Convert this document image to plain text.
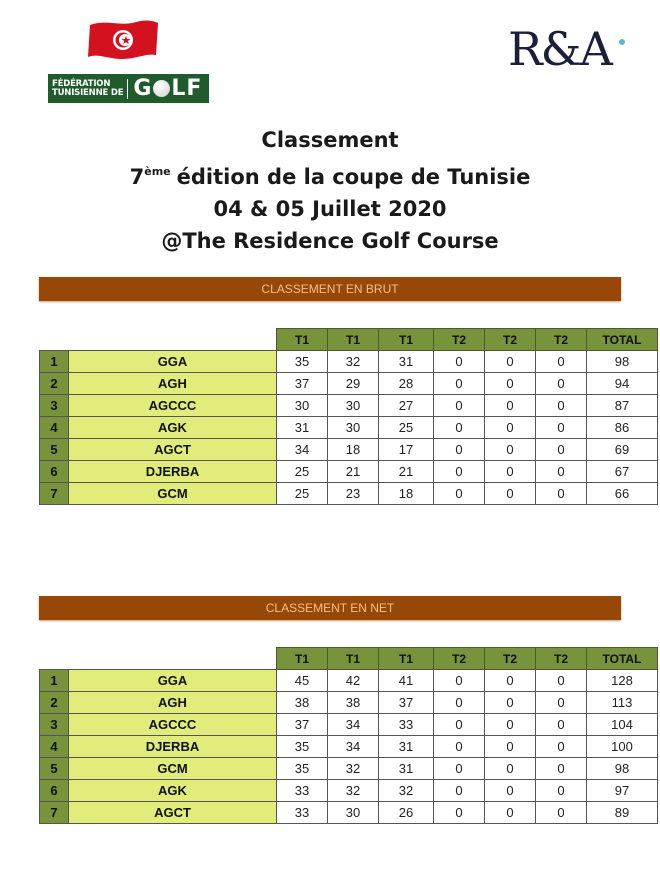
FÉDÉRATION
TUNISIENNE DE G L F
R&A
Classement
7ème édition de la coupe de Tunisie
04 & 05 Juillet 2020
@The Residence Golf Course
CLASSEMENT EN BRUT
		T1	T1	T1	T2	T2	T2	TOTAL
1	GGA	35	32	31	0	0	0	98
2	AGH	37	29	28	0	0	0	94
3	AGCCC	30	30	27	0	0	0	87
4	AGK	31	30	25	0	0	0	86
5	AGCT	34	18	17	0	0	0	69
6	DJERBA	25	21	21	0	0	0	67
7	GCM	25	23	18	0	0	0	66
CLASSEMENT EN NET
		T1	T1	T1	T2	T2	T2	TOTAL
1	GGA	45	42	41	0	0	0	128
2	AGH	38	38	37	0	0	0	113
3	AGCCC	37	34	33	0	0	0	104
4	DJERBA	35	34	31	0	0	0	100
5	GCM	35	32	31	0	0	0	98
6	AGK	33	32	32	0	0	0	97
7	AGCT	33	30	26	0	0	0	89
